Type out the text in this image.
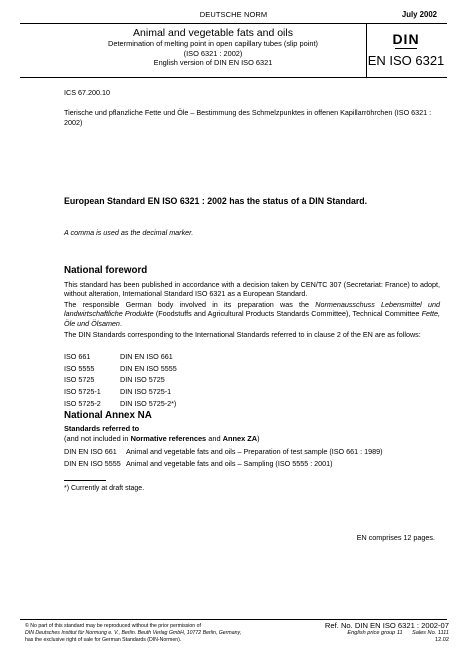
DEUTSCHE NORM	July 2002
Animal and vegetable fats and oils
Determination of melting point in open capillary tubes (slip point)
(ISO 6321 : 2002)
English version of DIN EN ISO 6321
DIN
EN ISO 6321
ICS 67.200.10
Tierische und pflanzliche Fette und Öle – Bestimmung des Schmelzpunktes in offenen Kapillarröhrchen (ISO 6321 : 2002)
European Standard EN ISO 6321 : 2002 has the status of a DIN Standard.
A comma is used as the decimal marker.
National foreword
This standard has been published in accordance with a decision taken by CEN/TC 307 (Secretariat: France) to adopt, without alteration, International Standard ISO 6321 as a European Standard.
The responsible German body involved in its preparation was the Normenausschuss Lebensmittel und landwirtschaftliche Produkte (Foodstuffs and Agricultural Products Standards Committee), Technical Committee Fette, Öle und Ölsamen.
The DIN Standards corresponding to the International Standards referred to in clause 2 of the EN are as follows:
ISO 661	DIN EN ISO 661
ISO 5555	DIN EN ISO 5555
ISO 5725	DIN ISO 5725
ISO 5725-1	DIN ISO 5725-1
ISO 5725-2	DIN ISO 5725-2*)
National Annex NA
Standards referred to
(and not included in Normative references and Annex ZA)
DIN EN ISO 661	Animal and vegetable fats and oils – Preparation of test sample (ISO 661 : 1989)
DIN EN ISO 5555 Animal and vegetable fats and oils – Sampling (ISO 5555 : 2001)
*) Currently at draft stage.
EN comprises 12 pages.
© No part of this standard may be reproduced without the prior permission of
DIN Deutsches Institut für Normung e. V., Berlin. Beuth Verlag GmbH, 10772 Berlin, Germany,
has the exclusive right of sale for German Standards (DIN-Normen).
Ref. No. DIN EN ISO 6321 : 2002-07
English price group 11 Sales No. 1111
12.02
